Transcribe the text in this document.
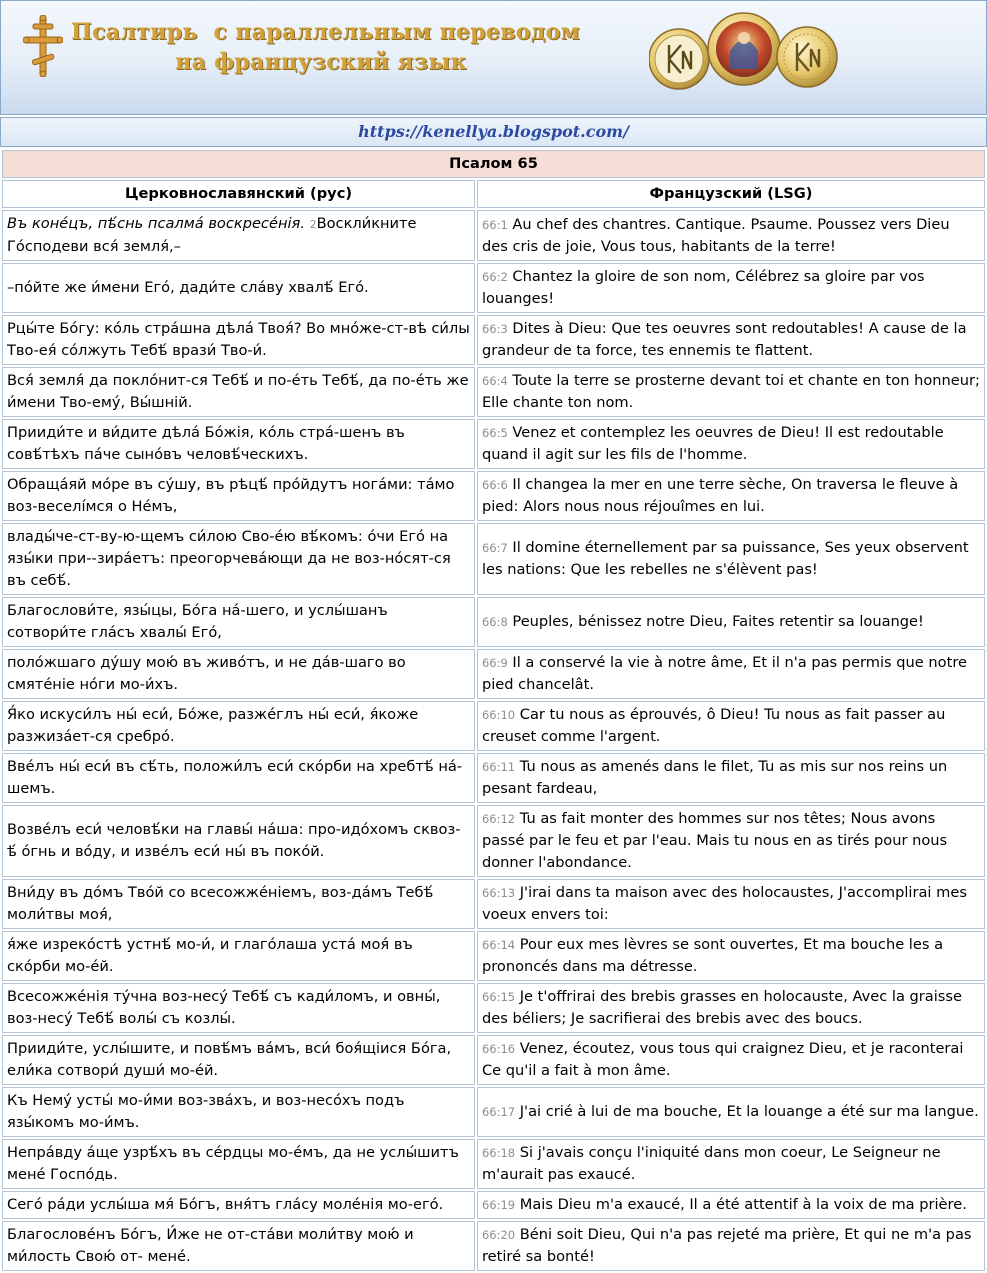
Псалтирь  с параллельным переводом
на французский язык
https://kenellya.blogspot.com/
Псалом 65	
Церковнославянский (рус)	Французский (LSG)
Въ коне́цъ, пѣ́снь псалма́ воскресе́нія. 2Воскли́кните Го́сподеви вся́ земля́,–	66:1 Au chef des chantres. Cantique. Psaume. Poussez vers Dieu des cris de joie, Vous tous, habitants de la terre!
–по́йте же и́мени Его́, дади́те сла́ву хвалѣ́ Его́.	66:2 Chantez la gloire de son nom, Célébrez sa gloire par vos louanges!
Рцы́те Бо́гу: ко́ль стра́шна дѣла́ Твоя́? Во мно́же-ст-вѣ си́лы Тво-ея́ со́лжуть Тебѣ́ врази́ Тво-и́.	66:3 Dites à Dieu: Que tes oeuvres sont redoutables! A cause de la grandeur de ta force, tes ennemis te flattent.
Вся́ земля́ да покло́нит-ся Тебѣ́ и по-е́ть Тебѣ́, да по-е́ть же и́мени Тво-ему́, Вы́шній.	66:4 Toute la terre se prosterne devant toi et chante en ton honneur; Elle chante ton nom.
Прииди́те и ви́дите дѣла́ Бо́жія, ко́ль стра́-шенъ въ совѣ́тѣхъ па́че сыно́въ человѣ́ческихъ.	66:5 Venez et contemplez les oeuvres de Dieu! Il est redoutable quand il agit sur les fils de l'homme.
Обраща́яй мо́ре въ су́шу, въ рѣцѣ́ про́йдутъ нога́ми: та́мо воз-веселі́мся о Не́мъ,	66:6 Il changea la mer en une terre sèche, On traversa le fleuve à pied: Alors nous nous réjouîmes en lui.
влады́че-ст-ву-ю-щемъ си́лою Сво-е́ю вѣ́комъ: о́чи Его́ на язы́ки при--зира́етъ: преогорчева́ющи да не воз-но́сят-ся въ себѣ́.	66:7 Il domine éternellement par sa puissance, Ses yeux observent les nations: Que les rebelles ne s'élèvent pas!
Благослови́те, язы́цы, Бо́га на́-шего, и услы́шанъ сотвори́те гла́съ хвалы́ Его́,	66:8 Peuples, bénissez notre Dieu, Faites retentir sa louange!
поло́жшаго ду́шу мою́ въ живо́тъ, и не да́в-шаго во смяте́ніе но́ги мо-и́хъ.	66:9 Il a conservé la vie à notre âme, Et il n'a pas permis que notre pied chancelât.
Я́ко искуси́лъ ны́ еси́, Бо́же, разже́глъ ны́ еси́, я́коже разжиза́ет-ся сребро́.	66:10 Car tu nous as éprouvés, ô Dieu! Tu nous as fait passer au creuset comme l'argent.
Вве́лъ ны́ еси́ въ сѣ́ть, положи́лъ еси́ ско́рби на хребтѣ́ на́-шемъ.	66:11 Tu nous as amenés dans le filet, Tu as mis sur nos reins un pesant fardeau,
Возве́лъ еси́ человѣ́ки на главы́ на́ша: про-идо́хомъ сквоз-ѣ́ о́гнь и во́ду, и изве́лъ еси́ ны́ въ поко́й.	66:12 Tu as fait monter des hommes sur nos têtes; Nous avons passé par le feu et par l'eau. Mais tu nous en as tirés pour nous donner l'abondance.
Вни́ду въ до́мъ Тво́й со всесожже́ніемъ, воз-да́мъ Тебѣ́ моли́твы моя́,	66:13 J'irai dans ta maison avec des holocaustes, J'accomplirai mes voeux envers toi:
я́же изреко́стѣ устнѣ́ мо-и́, и глаго́лаша уста́ моя́ въ ско́рби мо-е́й.	66:14 Pour eux mes lèvres se sont ouvertes, Et ma bouche les a prononcés dans ma détresse.
Всесожже́нія ту́чна воз-несу́ Тебѣ́ съ кади́ломъ, и овны́, воз-несу́ Тебѣ́ волы́ съ козлы́.	66:15 Je t'offrirai des brebis grasses en holocauste, Avec la graisse des béliers; Je sacrifierai des brebis avec des boucs.
Прииди́те, услы́шите, и повѣ́мъ ва́мъ, вси́ боя́щіися Бо́га, ели́ка сотвори́ души́ мо-е́й.	66:16 Venez, écoutez, vous tous qui craignez Dieu, et je raconterai Ce qu'il a fait à mon âme.
Къ Нему́ усты́ мо-и́ми воз-зва́хъ, и воз-несо́хъ подъ язы́комъ мо-и́мъ.	66:17 J'ai crié à lui de ma bouche, Et la louange a été sur ma langue.
Непра́вду а́ще узрѣ́хъ въ се́рдцы мо-е́мъ, да не услы́шитъ мене́ Госпо́дь.	66:18 Si j'avais conçu l'iniquité dans mon coeur, Le Seigneur ne m'aurait pas exaucé.
Сего́ ра́ди услы́ша мя́ Бо́гъ, вня́тъ гла́су моле́нія мо-его́.	66:19 Mais Dieu m'a exaucé, Il a été attentif à la voix de ma prière.
Благослове́нъ Бо́гъ, И́же не от-ста́ви моли́тву мою́ и ми́лость Свою́ от- мене́.	66:20 Béni soit Dieu, Qui n'a pas rejeté ma prière, Et qui ne m'a pas retiré sa bonté!
